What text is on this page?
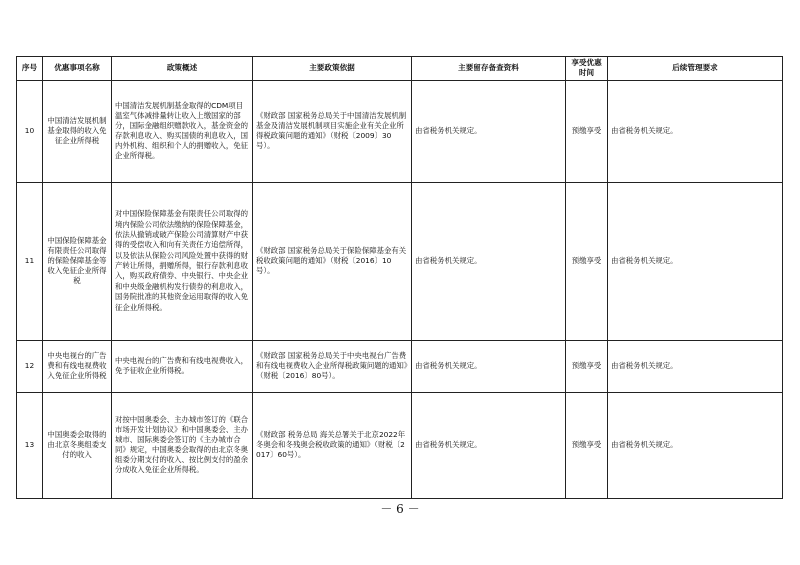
序号	优惠事项名称	政策概述	主要政策依据	主要留存备查资料	享受优惠时间	后续管理要求
10	中国清洁发展机制基金取得的收入免征企业所得税	中国清洁发展机制基金取得的CDM项目温室气体减排量转让收入上缴国家的部分，国际金融组织赠款收入，基金资金的存款利息收入、购买国债的利息收入，国内外机构、组织和个人的捐赠收入，免征企业所得税。	《财政部 国家税务总局关于中国清洁发展机制基金及清洁发展机制项目实施企业有关企业所得税政策问题的通知》（财税〔2009〕30号）。	由省税务机关规定。	预缴享受	由省税务机关规定。
11	中国保险保障基金有限责任公司取得的保险保障基金等收入免征企业所得税	对中国保险保障基金有限责任公司取得的境内保险公司依法缴纳的保险保障基金，依法从撤销或破产保险公司清算财产中获得的受偿收入和向有关责任方追偿所得，以及依法从保险公司风险处置中获得的财产转让所得，捐赠所得，银行存款利息收入，购买政府债券、中央银行、中央企业和中央级金融机构发行债券的利息收入，国务院批准的其他资金运用取得的收入免征企业所得税。	《财政部 国家税务总局关于保险保障基金有关税收政策问题的通知》（财税〔2016〕10号）。	由省税务机关规定。	预缴享受	由省税务机关规定。
12	中央电视台的广告费和有线电视费收入免征企业所得税	中央电视台的广告费和有线电视费收入，免予征收企业所得税。	《财政部 国家税务总局关于中央电视台广告费和有线电视费收入企业所得税政策问题的通知》（财税〔2016〕80号）。	由省税务机关规定。	预缴享受	由省税务机关规定。
13	中国奥委会取得的由北京冬奥组委支付的收入	对按中国奥委会、主办城市签订的《联合市场开发计划协议》和中国奥委会、主办城市、国际奥委会签订的《主办城市合同》规定，中国奥委会取得的由北京冬奥组委分期支付的收入、按比例支付的盈余分成收入免征企业所得税。	《财政部 税务总局 海关总署关于北京2022年冬奥会和冬残奥会税收政策的通知》（财税〔2017〕60号）。	由省税务机关规定。	预缴享受	由省税务机关规定。
－ 6 －
